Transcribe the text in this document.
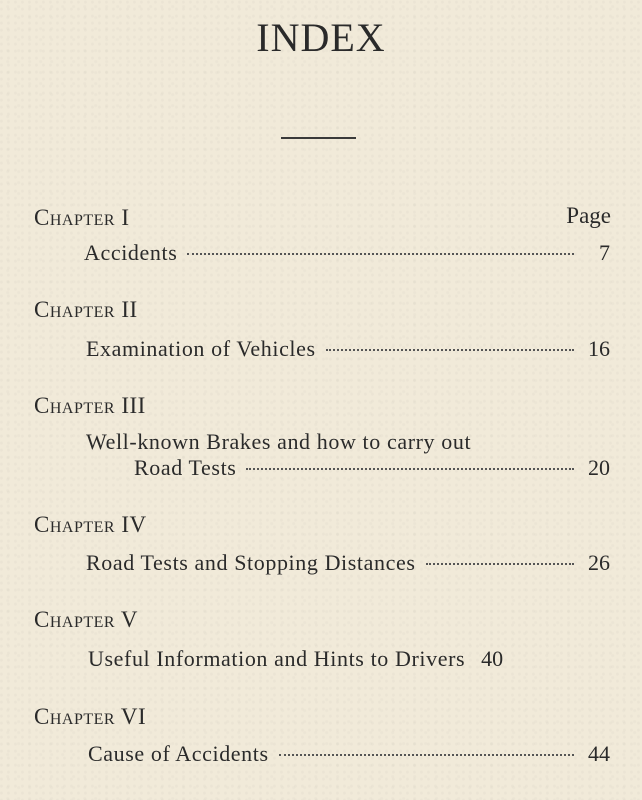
INDEX
Page
Chapter I
Accidents	7
Chapter II
Examination of Vehicles	16
Chapter III
Well-known Brakes and how to carry out
Road Tests	20
Chapter IV
Road Tests and Stopping Distances	26
Chapter V
Useful Information and Hints to Drivers 40
Chapter VI
Cause of Accidents	44
